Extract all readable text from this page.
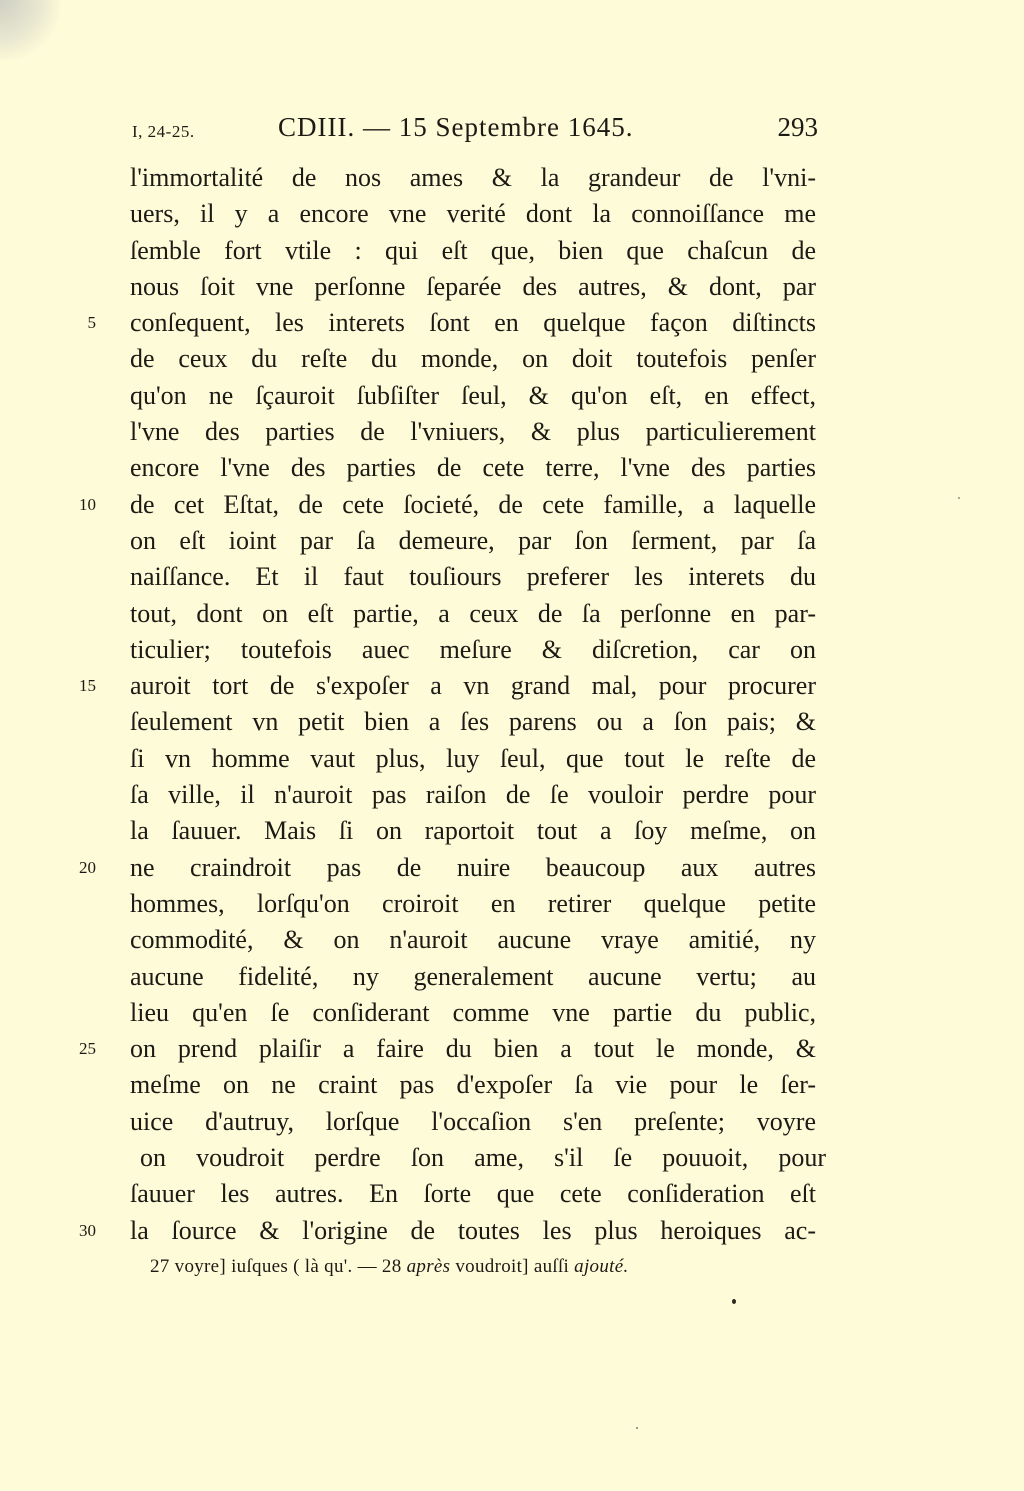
I, 24-25.	CDIII. — 15 Septembre 1645.	293
l'immortalité de nos ames & la grandeur de l'vni-
uers, il y a encore vne verité dont la connoiſſance me
ſemble fort vtile : qui eſt que, bien que chaſcun de
nous ſoit vne perſonne ſeparée des autres, & dont, par
5 conſequent, les interets ſont en quelque façon diſtincts
de ceux du reſte du monde, on doit toutefois penſer
qu'on ne ſçauroit ſubſiſter ſeul, & qu'on eſt, en effect,
l'vne des parties de l'vniuers, & plus particulierement
encore l'vne des parties de cete terre, l'vne des parties
10 de cet Eſtat, de cete ſocieté, de cete famille, a laquelle
on eſt ioint par ſa demeure, par ſon ſerment, par ſa
naiſſance. Et il faut touſiours preferer les interets du
tout, dont on eſt partie, a ceux de ſa perſonne en par-
ticulier; toutefois auec meſure & diſcretion, car on
15 auroit tort de s'expoſer a vn grand mal, pour procurer
ſeulement vn petit bien a ſes parens ou a ſon pais; &
ſi vn homme vaut plus, luy ſeul, que tout le reſte de
ſa ville, il n'auroit pas raiſon de ſe vouloir perdre pour
la ſauuer. Mais ſi on raportoit tout a ſoy meſme, on
20 ne craindroit pas de nuire beaucoup aux autres
hommes, lorſqu'on croiroit en retirer quelque petite
commodité, & on n'auroit aucune vraye amitié, ny
aucune fidelité, ny generalement aucune vertu; au
lieu qu'en ſe conſiderant comme vne partie du public,
25 on prend plaiſir a faire du bien a tout le monde, &
meſme on ne craint pas d'expoſer ſa vie pour le ſer-
uice d'autruy, lorſque l'occaſion s'en preſente; voyre
on voudroit perdre ſon ame, s'il ſe pouuoit, pour
ſauuer les autres. En ſorte que cete conſideration eſt
30 la ſource & l'origine de toutes les plus heroiques ac-
27 voyre] iuſques ( là qu'. — 28 après voudroit] auſſi ajouté.
